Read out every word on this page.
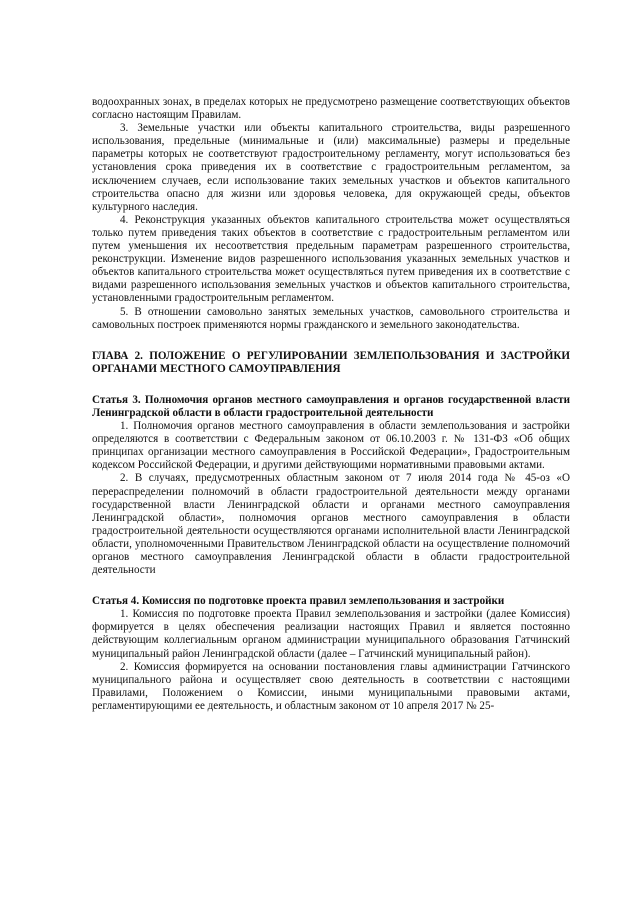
водоохранных зонах, в пределах которых не предусмотрено размещение соответствующих объектов согласно настоящим Правилам.

3. Земельные участки или объекты капитального строительства, виды разрешенного использования, предельные (минимальные и (или) максимальные) размеры и предельные параметры которых не соответствуют градостроительному регламенту, могут использоваться без установления срока приведения их в соответствие с градостроительным регламентом, за исключением случаев, если использование таких земельных участков и объектов капитального строительства опасно для жизни или здоровья человека, для окружающей среды, объектов культурного наследия.

4. Реконструкция указанных объектов капитального строительства может осуществляться только путем приведения таких объектов в соответствие с градостроительным регламентом или путем уменьшения их несоответствия предельным параметрам разрешенного строительства, реконструкции. Изменение видов разрешенного использования указанных земельных участков и объектов капитального строительства может осуществляться путем приведения их в соответствие с видами разрешенного использования земельных участков и объектов капитального строительства, установленными градостроительным регламентом.

5. В отношении самовольно занятых земельных участков, самовольного строительства и самовольных построек применяются нормы гражданского и земельного законодательства.

ГЛАВА 2. ПОЛОЖЕНИЕ О РЕГУЛИРОВАНИИ ЗЕМЛЕПОЛЬЗОВАНИЯ И ЗАСТРОЙКИ ОРГАНАМИ МЕСТНОГО САМОУПРАВЛЕНИЯ

Статья 3. Полномочия органов местного самоуправления и органов государственной власти Ленинградской области в области градостроительной деятельности

1. Полномочия органов местного самоуправления в области землепользования и застройки определяются в соответствии с Федеральным законом от 06.10.2003 г. № 131-ФЗ «Об общих принципах организации местного самоуправления в Российской Федерации», Градостроительным кодексом Российской Федерации, и другими действующими нормативными правовыми актами.

2. В случаях, предусмотренных областным законом от 7 июля 2014 года № 45-оз «О перераспределении полномочий в области градостроительной деятельности между органами государственной власти Ленинградской области и органами местного самоуправления Ленинградской области», полномочия органов местного самоуправления в области градостроительной деятельности осуществляются органами исполнительной власти Ленинградской области, уполномоченными Правительством Ленинградской области на осуществление полномочий органов местного самоуправления Ленинградской области в области градостроительной деятельности

Статья 4. Комиссия по подготовке проекта правил землепользования и застройки

1. Комиссия по подготовке проекта Правил землепользования и застройки (далее Комиссия) формируется в целях обеспечения реализации настоящих Правил и является постоянно действующим коллегиальным органом администрации муниципального образования Гатчинский муниципальный район Ленинградской области (далее – Гатчинский муниципальный район).

2. Комиссия формируется на основании постановления главы администрации Гатчинского муниципального района и осуществляет свою деятельность в соответствии с настоящими Правилами, Положением о Комиссии, иными муниципальными правовыми актами, регламентирующими ее деятельность, и областным законом от 10 апреля 2017 № 25-
